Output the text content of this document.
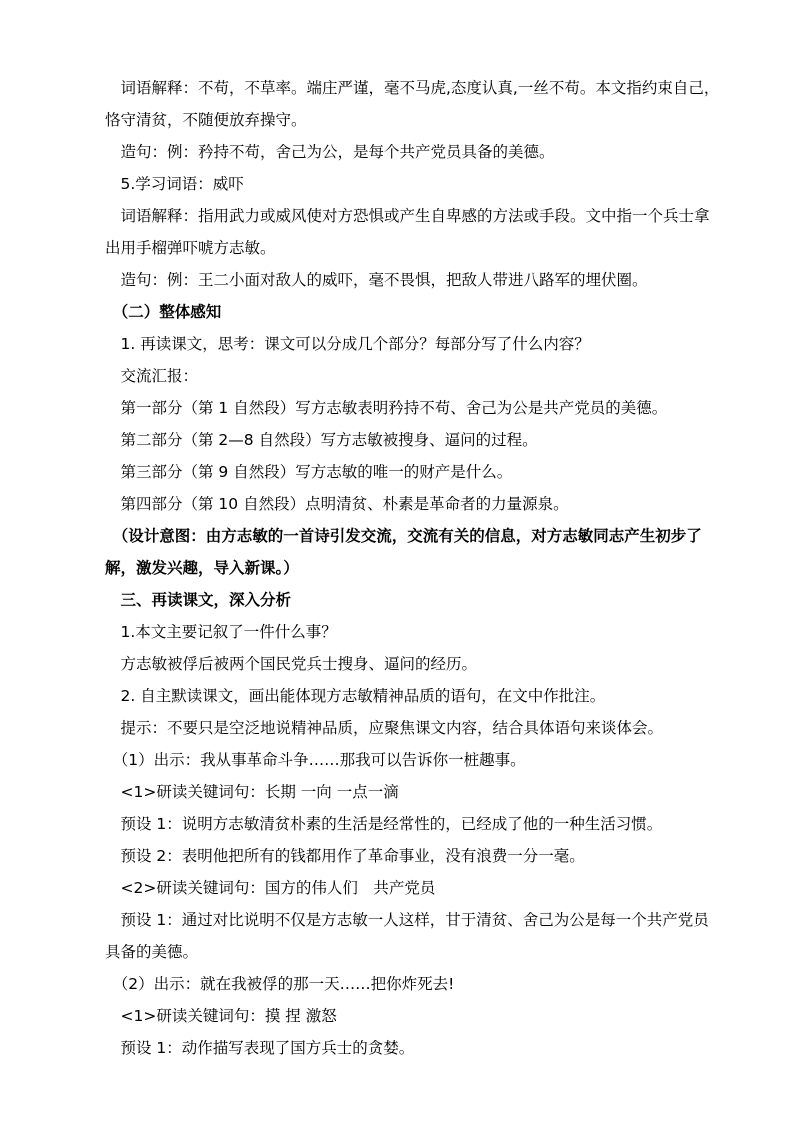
　词语解释：不苟，不草率。端庄严谨，毫不马虎,态度认真,一丝不苟。本文指约束自己，
恪守清贫，不随便放弃操守。
　造句：例：矜持不苟，舍己为公，是每个共产党员具备的美德。
　5.学习词语：威吓
　词语解释：指用武力或威风使对方恐惧或产生自卑感的方法或手段。文中指一个兵士拿
出用手榴弹吓唬方志敏。
　造句：例：王二小面对敌人的威吓，毫不畏惧，把敌人带进八路军的埋伏圈。
　（二）整体感知
　1. 再读课文，思考：课文可以分成几个部分？每部分写了什么内容？
　交流汇报：
　第一部分（第 1 自然段）写方志敏表明矜持不苟、舍己为公是共产党员的美德。
　第二部分（第 2—8 自然段）写方志敏被搜身、逼问的过程。
　第三部分（第 9 自然段）写方志敏的唯一的财产是什么。
　第四部分（第 10 自然段）点明清贫、朴素是革命者的力量源泉。
　（设计意图：由方志敏的一首诗引发交流，交流有关的信息，对方志敏同志产生初步了
解，激发兴趣，导入新课。）
　三、再读课文，深入分析
　1.本文主要记叙了一件什么事？
　方志敏被俘后被两个国民党兵士搜身、逼问的经历。
　2. 自主默读课文，画出能体现方志敏精神品质的语句，在文中作批注。
　提示：不要只是空泛地说精神品质，应聚焦课文内容，结合具体语句来谈体会。
　（1）出示：我从事革命斗争……那我可以告诉你一桩趣事。
　<1>研读关键词句：长期 一向 一点一滴
　预设 1：说明方志敏清贫朴素的生活是经常性的，已经成了他的一种生活习惯。
　预设 2：表明他把所有的钱都用作了革命事业，没有浪费一分一毫。
　<2>研读关键词句：国方的伟人们　共产党员
　预设 1：通过对比说明不仅是方志敏一人这样，甘于清贫、舍己为公是每一个共产党员
具备的美德。
　（2）出示：就在我被俘的那一天……把你炸死去!
　<1>研读关键词句：摸 捏 激怒
　预设 1：动作描写表现了国方兵士的贪婪。
